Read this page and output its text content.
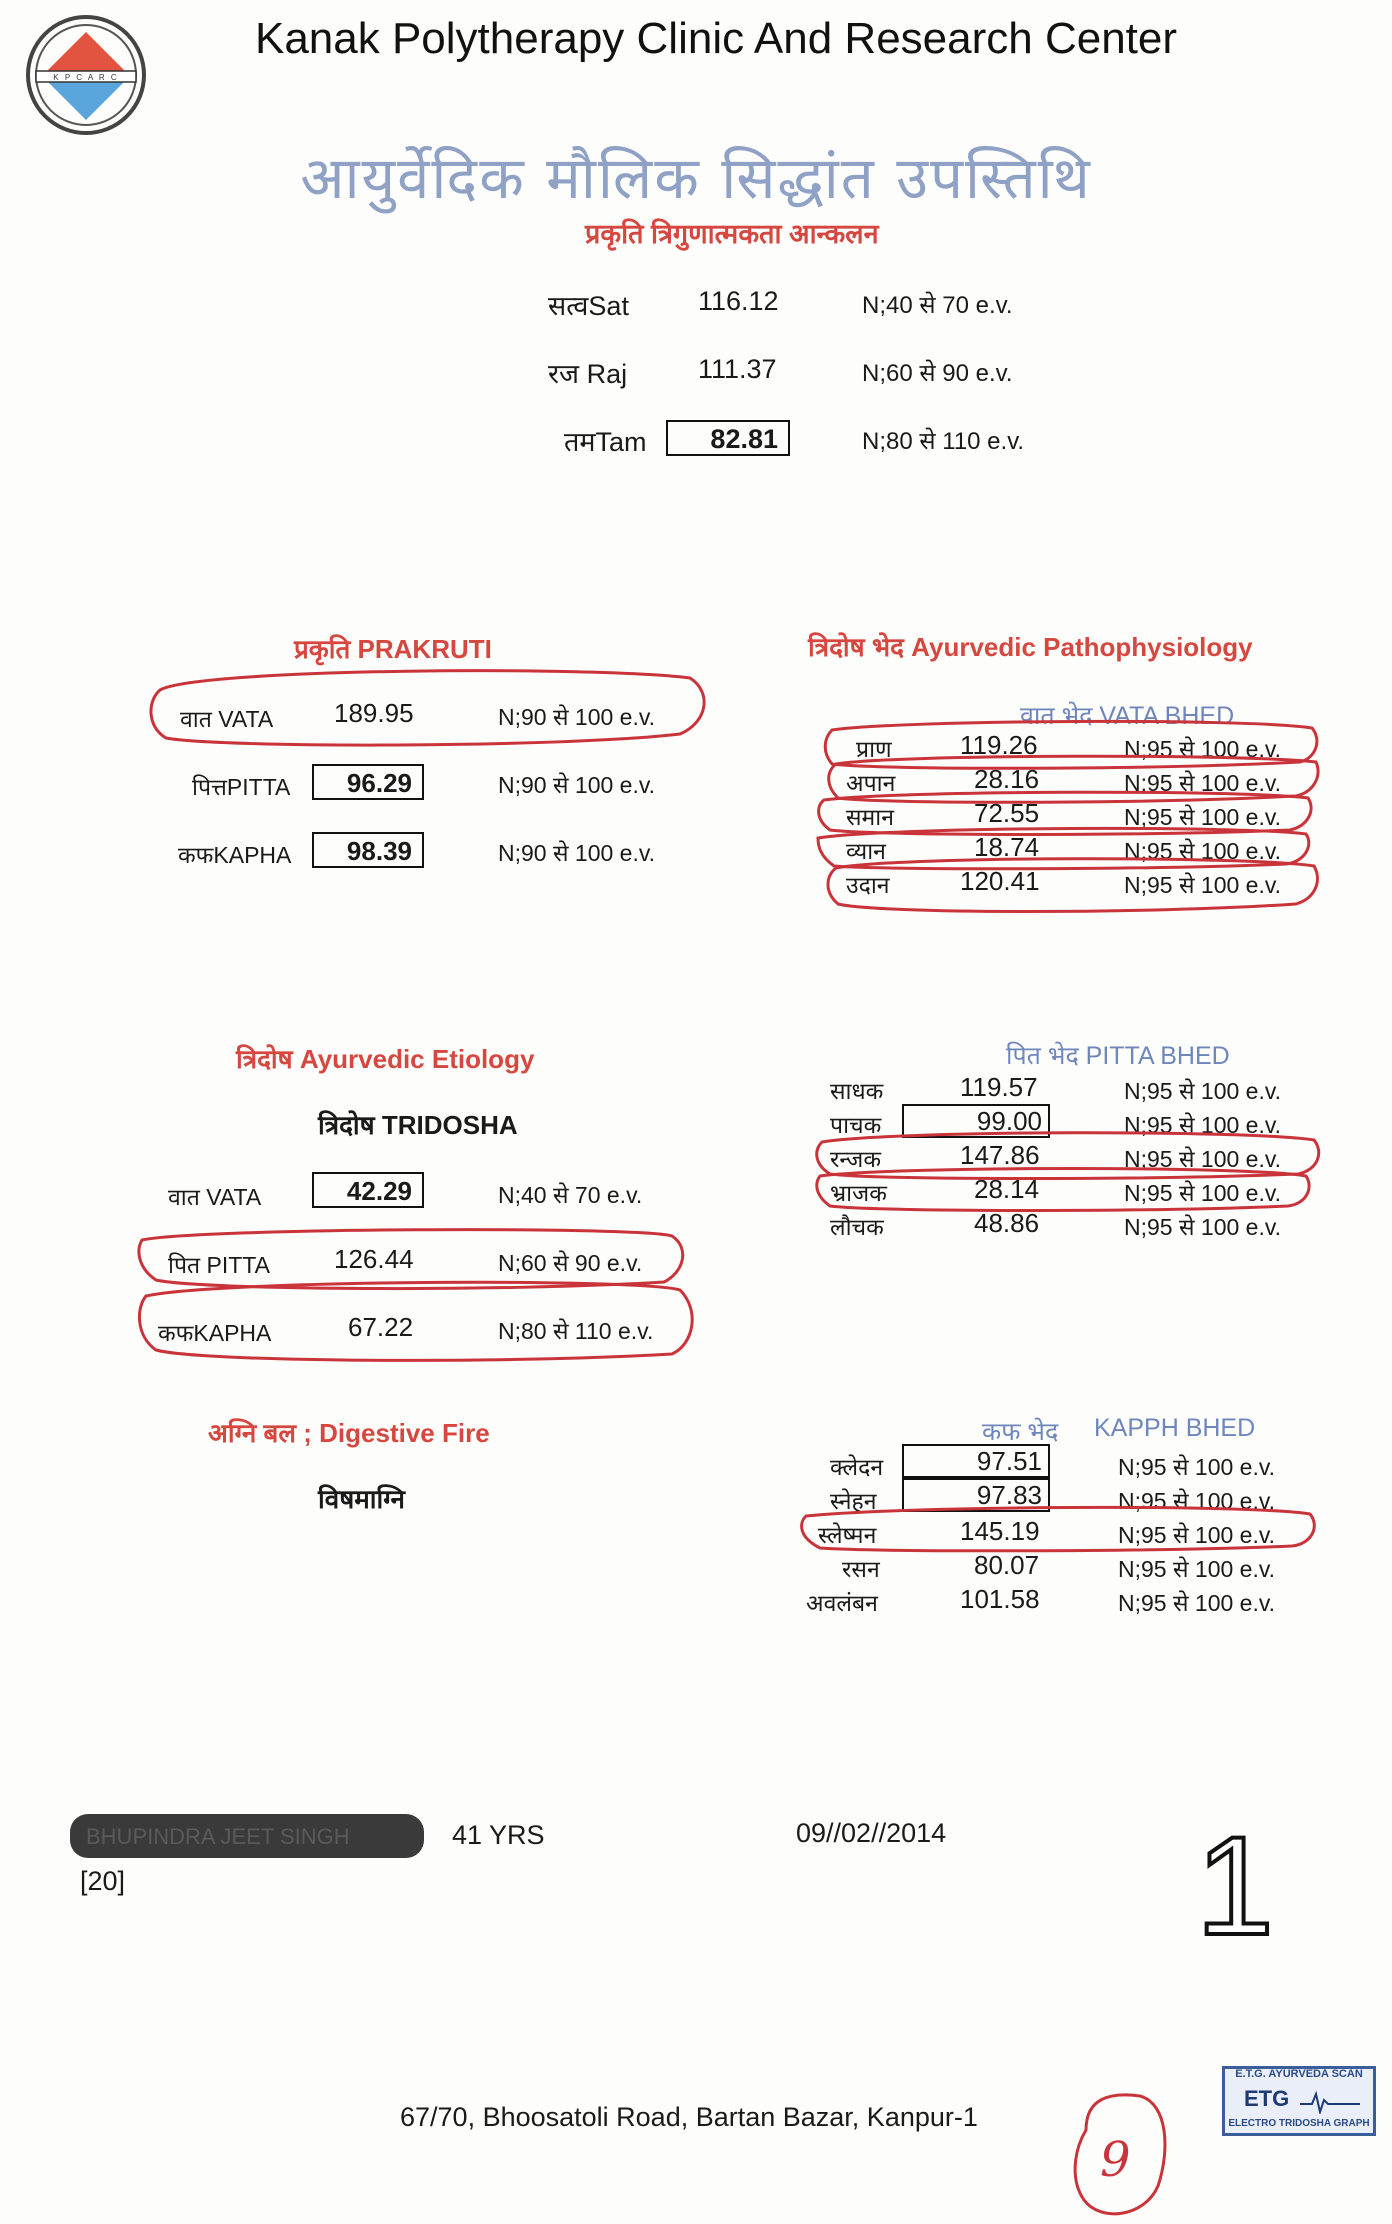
K P C A R C
Kanak Polytherapy Clinic And Research Center
आयुर्वेदिक मौलिक सिद्धांत उपस्तिथि
प्रकृति त्रिगुणात्मकता आन्कलन
सत्वSat	116.12	N;40 से 70 e.v.
रज Raj	111.37	N;60 से 90 e.v.
तमTam	82.81	N;80 से 110 e.v.
प्रकृति PRAKRUTI
वात VATA 189.95	N;90 से 100 e.v.
पित्तPITTA	96.29	N;90 से 100 e.v.
कफKAPHA	98.39	N;90 से 100 e.v.
त्रिदोष भेद Ayurvedic Pathophysiology
वात भेद VATA BHED
प्राण	119.26	N;95 से 100 e.v.
अपान	28.16	N;95 से 100 e.v.
समान	72.55	N;95 से 100 e.v.
व्यान	18.74	N;95 से 100 e.v.
उदान	120.41	N;95 से 100 e.v.
त्रिदोष Ayurvedic Etiology
त्रिदोष TRIDOSHA
वात VATA	42.29	N;40 से 70 e.v.
पित PITTA 126.44	N;60 से 90 e.v.
कफKAPHA	67.22	N;80 से 110 e.v.
पित भेद PITTA BHED
साधक	119.57	N;95 से 100 e.v.
पाचक	99.00	N;95 से 100 e.v.
रन्जक	147.86	N;95 से 100 e.v.
भ्राजक	28.14	N;95 से 100 e.v.
लौचक	48.86	N;95 से 100 e.v.
अग्नि बल ; Digestive Fire
विषमाग्नि
कफ भेद KAPPH BHED
क्लेदन	97.51	N;95 से 100 e.v.
स्नेहन	97.83	N;95 से 100 e.v.
स्लेष्मन	145.19	N;95 से 100 e.v.
रसन	80.07	N;95 से 100 e.v.
अवलंबन	101.58	N;95 से 100 e.v.
BHUPINDRA JEET SINGH	41 YRS	09//02//2014
[20]	1
67/70, Bhoosatoli Road, Bartan Bazar, Kanpur-1
E.T.G. AYURVEDA SCAN
ETG
ELECTRO TRIDOSHA GRAPH
9
